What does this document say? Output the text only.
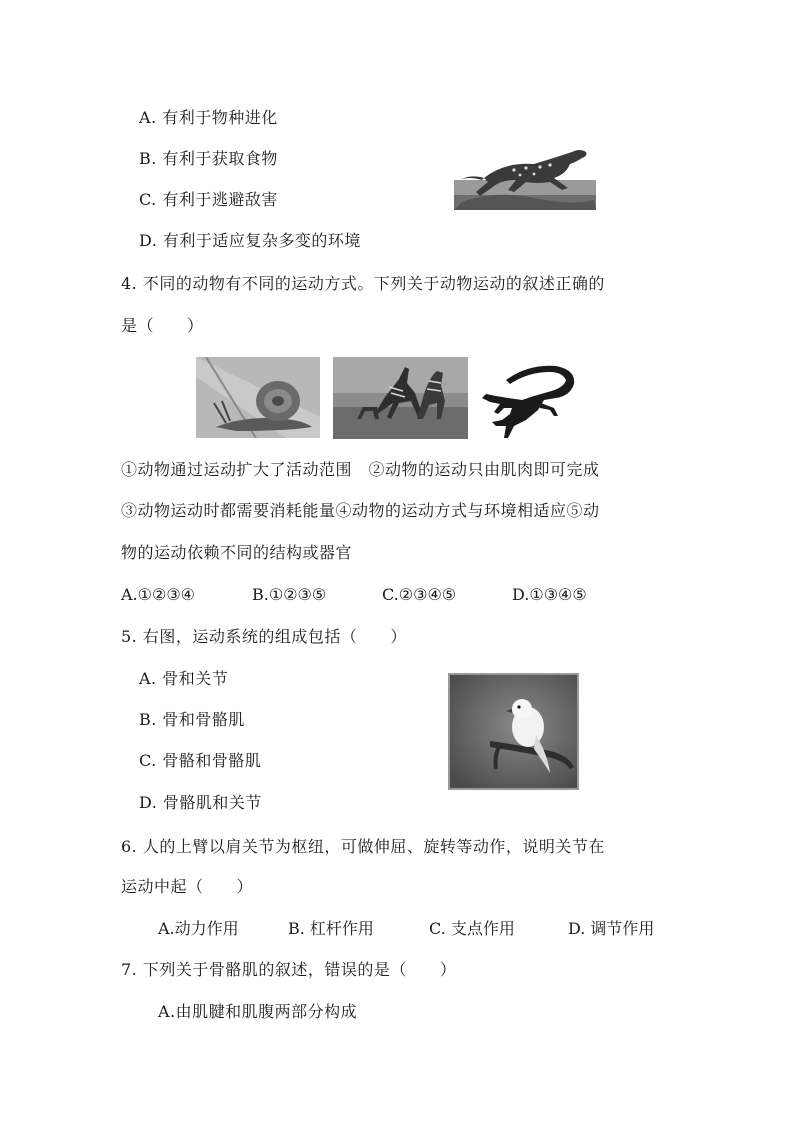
A. 有利于物种进化
B. 有利于获取食物
C. 有利于逃避敌害
D. 有利于适应复杂多变的环境
4. 不同的动物有不同的运动方式。下列关于动物运动的叙述正确的
是（　　）
①动物通过运动扩大了活动范围　②动物的运动只由肌肉即可完成
③动物运动时都需要消耗能量④动物的运动方式与环境相适应⑤动
物的运动依赖不同的结构或器官
A.①②③④	B.①②③⑤	C.②③④⑤	D.①③④⑤
5. 右图，运动系统的组成包括（　　）
A. 骨和关节
B. 骨和骨骼肌
C. 骨骼和骨骼肌
D. 骨骼肌和关节
6. 人的上臂以肩关节为枢纽，可做伸屈、旋转等动作，说明关节在
运动中起（　　）
A.动力作用	B. 杠杆作用	C. 支点作用	D. 调节作用
7. 下列关于骨骼肌的叙述，错误的是（　　）
A.由肌腱和肌腹两部分构成
